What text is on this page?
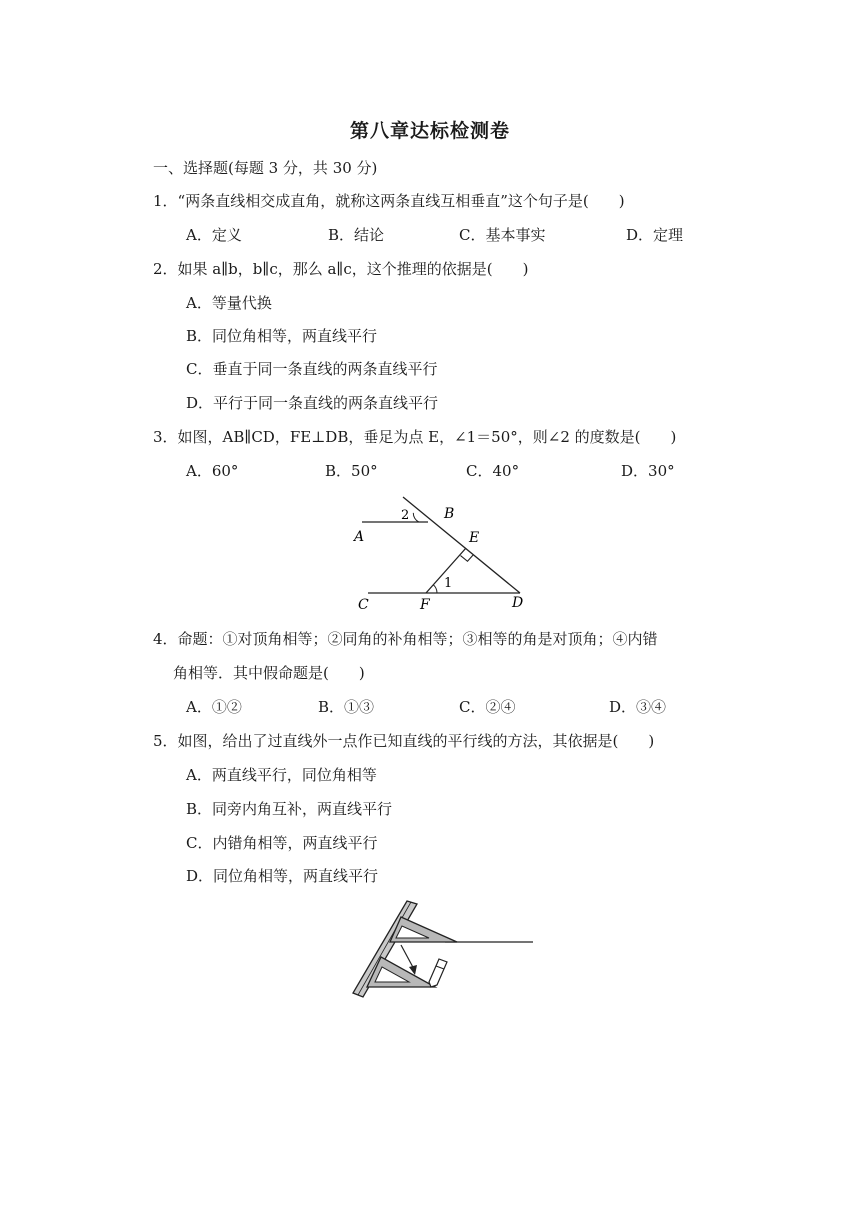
第八章达标检测卷
一、选择题(每题 3 分，共 30 分)
1．“两条直线相交成直角，就称这两条直线互相垂直”这个句子是(　　)
A．定义	B．结论	C．基本事实	D．定理
2．如果 a∥b，b∥c，那么 a∥c，这个推理的依据是(　　)
A．等量代换
B．同位角相等，两直线平行
C．垂直于同一条直线的两条直线平行
D．平行于同一条直线的两条直线平行
3．如图，AB∥CD，FE⊥DB，垂足为点 E，∠1＝50°，则∠2 的度数是(　　)
A．60°	B．50°	C．40°	D．30°
2 B
A	E
1
C	F	D
4．命题：①对顶角相等；②同角的补角相等；③相等的角是对顶角；④内错
角相等．其中假命题是(　　)
A．①②	B．①③	C．②④	D．③④
5．如图，给出了过直线外一点作已知直线的平行线的方法，其依据是(　　)
A．两直线平行，同位角相等
B．同旁内角互补，两直线平行
C．内错角相等，两直线平行
D．同位角相等，两直线平行
